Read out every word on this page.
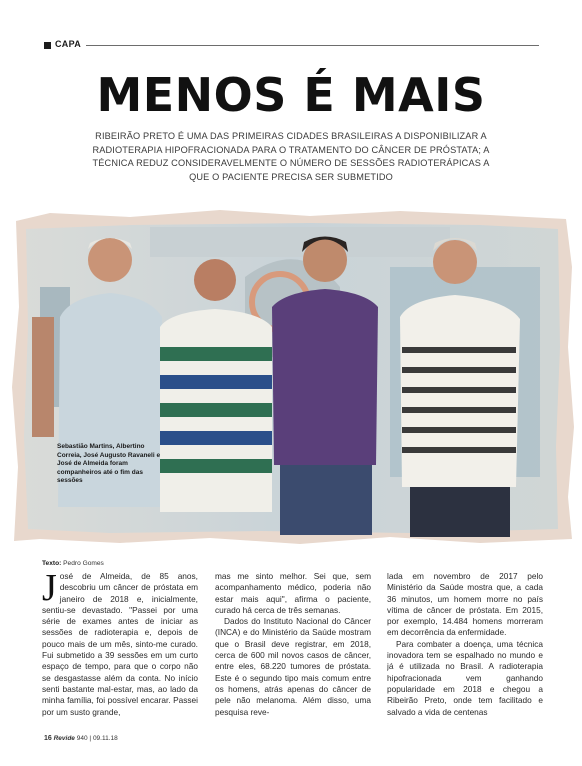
CAPA
MENOS É MAIS

RIBEIRÃO PRETO É UMA DAS PRIMEIRAS CIDADES BRASILEIRAS A DISPONIBILIZAR A RADIOTERAPIA HIPOFRACIONADA PARA O TRATAMENTO DO CÂNCER DE PRÓSTATA; A TÉCNICA REDUZ CONSIDERAVELMENTE O NÚMERO DE SESSÕES RADIOTERÁPICAS A QUE O PACIENTE PRECISA SER SUBMETIDO

Sebastião Martins, Albertino Correia, José Augusto Ravaneli e José de Almeida foram companheiros até o fim das sessões
Texto: Pedro Gomes
J osé de Almeida, de 85 anos, descobriu um câncer de próstata em janeiro de 2018 e, inicialmente, sentiu-se devastado. "Passei por uma série de exames antes de iniciar as sessões de radioterapia e, depois de pouco mais de um mês, sinto-me curado. Fui submetido a 39 sessões em um curto espaço de tempo, para que o corpo não se desgastasse além da conta. No início senti bastante mal-estar, mas, ao lado da minha família, foi possível encarar. Passei por um susto grande,

mas me sinto melhor. Sei que, sem acompanhamento médico, poderia não estar mais aqui", afirma o paciente, curado há cerca de três semanas.

Dados do Instituto Nacional do Câncer (INCA) e do Ministério da Saúde mostram que o Brasil deve registrar, em 2018, cerca de 600 mil novos casos de câncer, entre eles, 68.220 tumores de próstata. Este é o segundo tipo mais comum entre os homens, atrás apenas do câncer de pele não melanoma. Além disso, uma pesquisa reve-

lada em novembro de 2017 pelo Ministério da Saúde mostra que, a cada 36 minutos, um homem morre no país vítima de câncer de próstata. Em 2015, por exemplo, 14.484 homens morreram em decorrência da enfermidade.

Para combater a doença, uma técnica inovadora tem se espalhado no mundo e já é utilizada no Brasil. A radioterapia hipofracionada vem ganhando popularidade em 2018 e chegou a Ribeirão Preto, onde tem facilitado e salvado a vida de centenas

16 Revide 940 | 09.11.18
